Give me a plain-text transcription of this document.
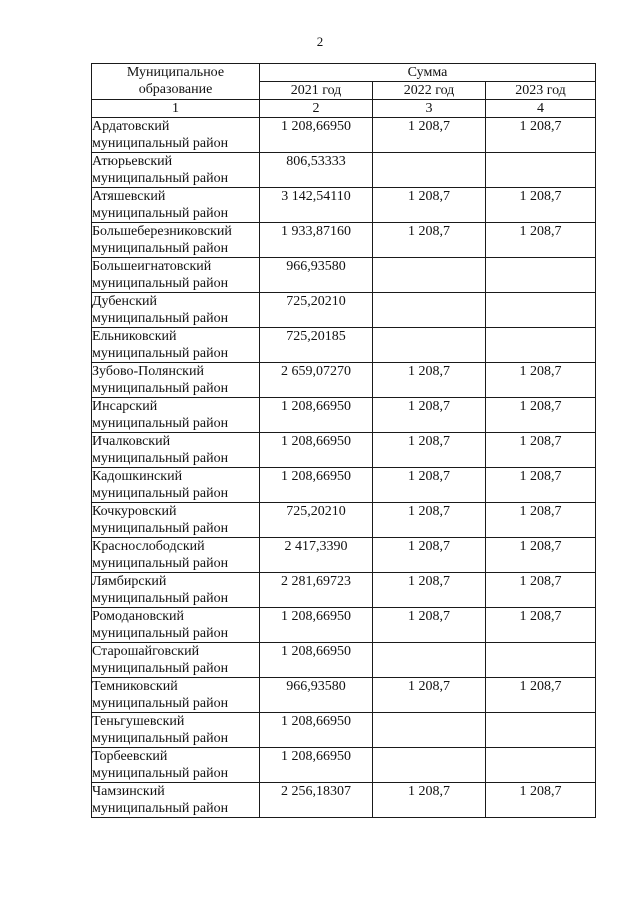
2
Муниципальное образование	Сумма		
	2021 год	2022 год	2023 год
1	2	3	4

Ардатовский
муниципальный район	1 208,66950	1 208,7	1 208,7

Атюрьевский
муниципальный район	806,53333		

Атяшевский
муниципальный район	3 142,54110	1 208,7	1 208,7

Большеберезниковский
муниципальный район	1 933,87160	1 208,7	1 208,7

Большеигнатовский
муниципальный район	966,93580		

Дубенский
муниципальный район	725,20210		

Ельниковский
муниципальный район	725,20185		

Зубово-Полянский
муниципальный район	2 659,07270	1 208,7	1 208,7

Инсарский
муниципальный район	1 208,66950	1 208,7	1 208,7

Ичалковский
муниципальный район	1 208,66950	1 208,7	1 208,7

Кадошкинский
муниципальный район	1 208,66950	1 208,7	1 208,7

Кочкуровский
муниципальный район	725,20210	1 208,7	1 208,7

Краснослободский
муниципальный район	2 417,3390	1 208,7	1 208,7

Лямбирский
муниципальный район	2 281,69723	1 208,7	1 208,7

Ромодановский
муниципальный район	1 208,66950	1 208,7	1 208,7

Старошайговский
муниципальный район	1 208,66950		

Темниковский
муниципальный район	966,93580	1 208,7	1 208,7

Теньгушевский
муниципальный район	1 208,66950		

Торбеевский
муниципальный район	1 208,66950		

Чамзинский
муниципальный район	2 256,18307	1 208,7	1 208,7
